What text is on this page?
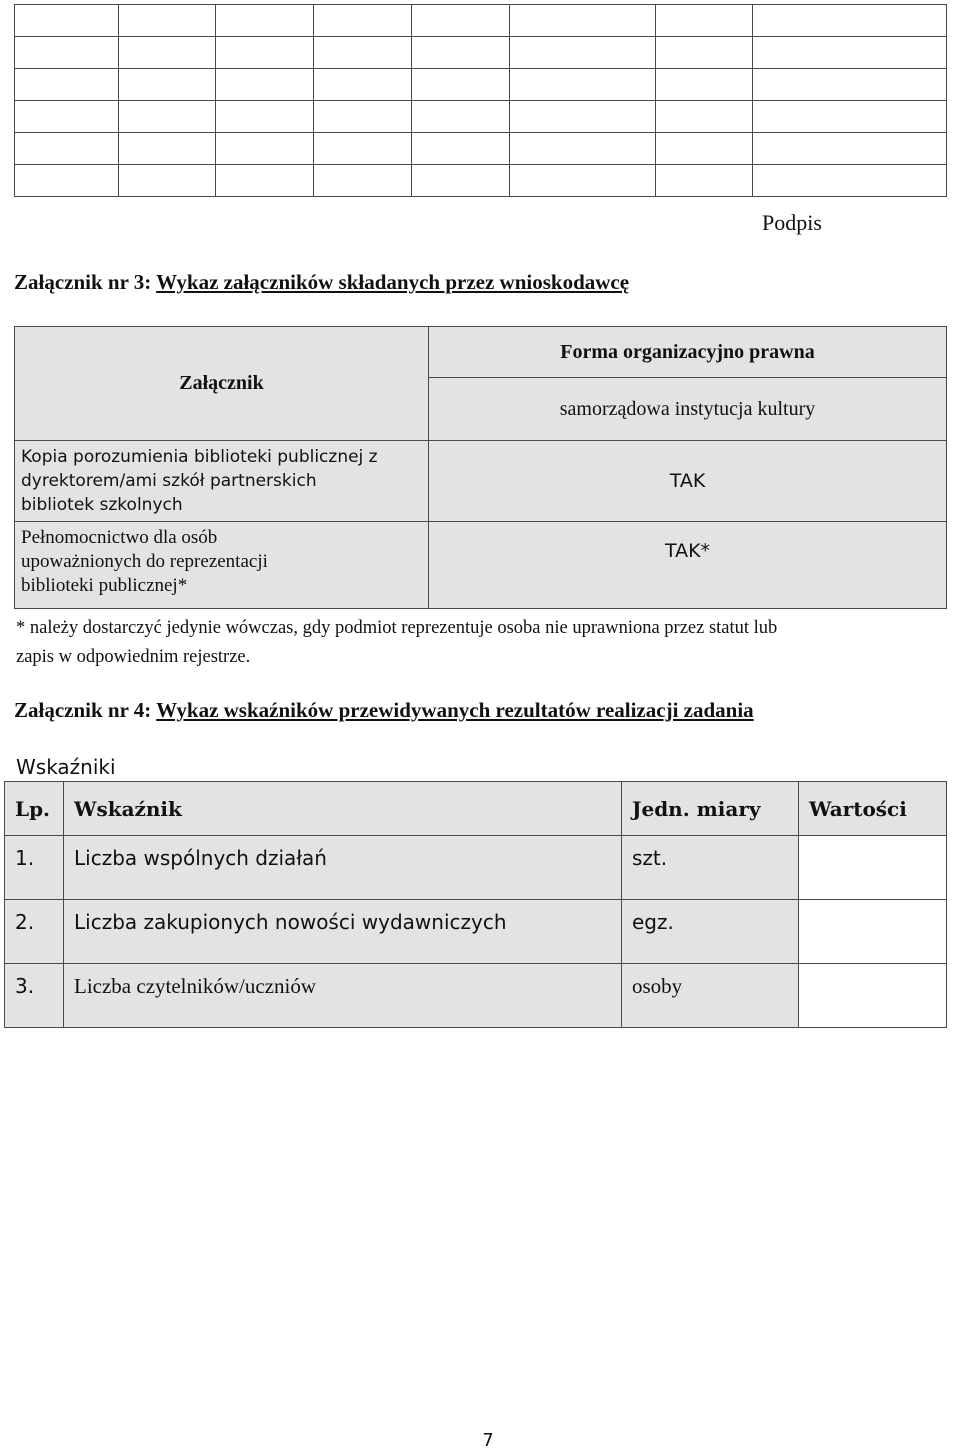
Podpis
Załącznik nr 3: Wykaz załączników składanych przez wnioskodawcę
Załącznik	Forma organizacyjno prawna
	samorządowa instytucja kultury

Kopia porozumienia biblioteki publicznej z
dyrektorem/ami szkół partnerskich
bibliotek szkolnych	TAK

Pełnomocnictwo dla osób
upoważnionych do reprezentacji
biblioteki publicznej*	TAK*
* należy dostarczyć jedynie wówczas, gdy podmiot reprezentuje osoba nie uprawniona przez statut lub
zapis w odpowiednim rejestrze.
Załącznik nr 4: Wykaz wskaźników przewidywanych rezultatów realizacji zadania
Wskaźniki
Lp.	Wskaźnik	Jedn. miary	Wartości
1.	Liczba wspólnych działań	szt.	
2.	Liczba zakupionych nowości wydawniczych	egz.	
3.	Liczba czytelników/uczniów	osoby	
7
